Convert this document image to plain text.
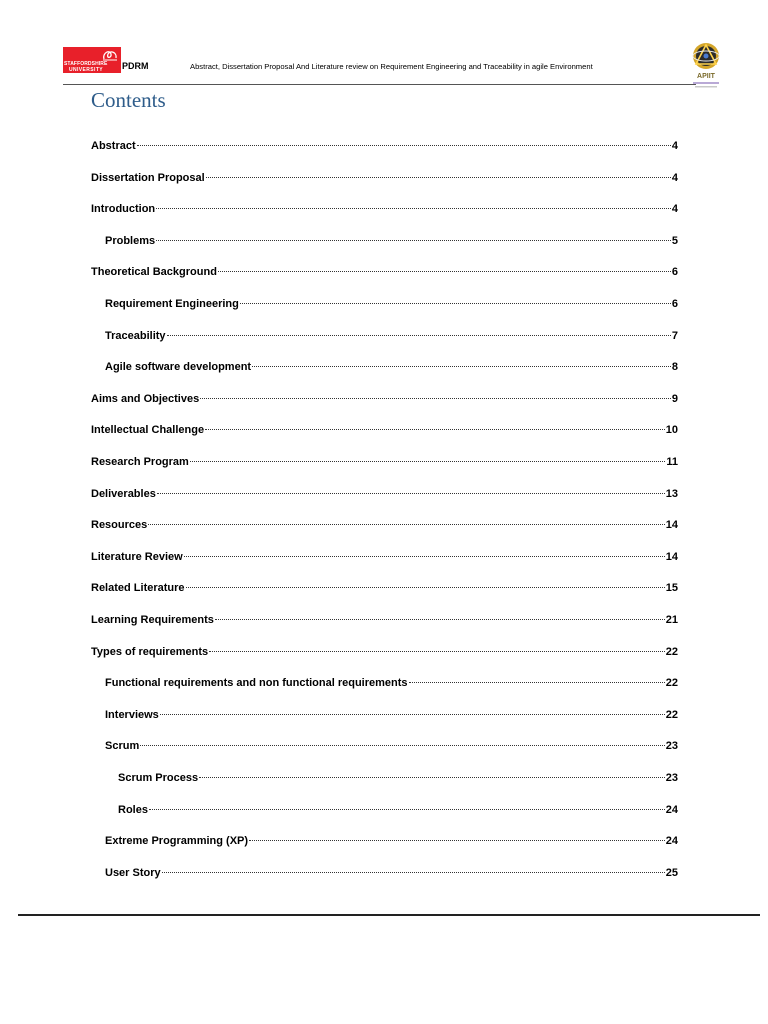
STAFFORDSHIRE
UNIVERSITY PDRM	Abstract, Dissertation Proposal And Literature review on Requirement Engineering and Traceability in agile Environment
APIIT
Contents
Abstract	4
Dissertation Proposal	4
Introduction	4
Problems	5
Theoretical Background	6
Requirement Engineering	6
Traceability	7
Agile software development	8
Aims and Objectives	9
Intellectual Challenge	10
Research Program	11
Deliverables	13
Resources	14
Literature Review	14
Related Literature	15
Learning Requirements	21
Types of requirements	22
Functional requirements and non functional requirements	22
Interviews	22
Scrum	23
Scrum Process	23
Roles	24
Extreme Programming (XP)	24
User Story	25
